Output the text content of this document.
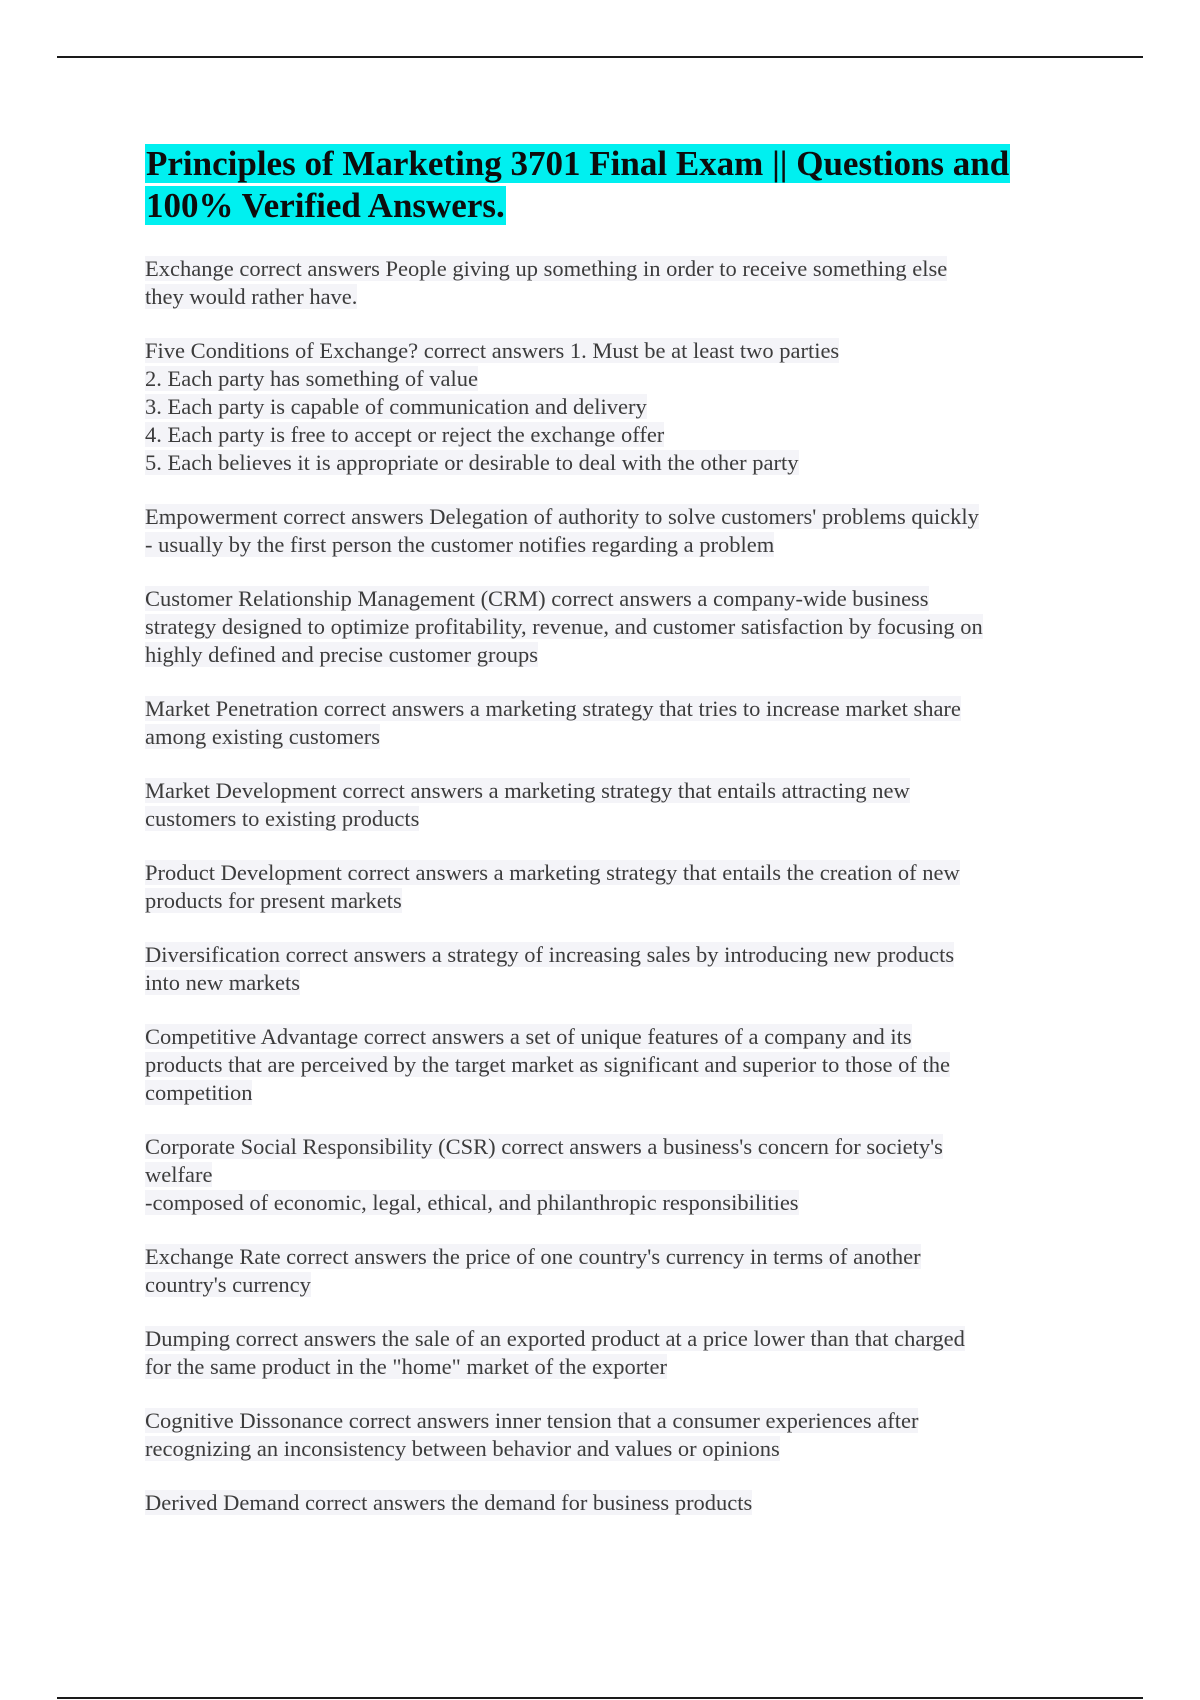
Principles of Marketing 3701 Final Exam || Questions and
100% Verified Answers.

Exchange correct answers People giving up something in order to receive something else
they would rather have.

Five Conditions of Exchange? correct answers 1. Must be at least two parties
2. Each party has something of value
3. Each party is capable of communication and delivery
4. Each party is free to accept or reject the exchange offer
5. Each believes it is appropriate or desirable to deal with the other party

Empowerment correct answers Delegation of authority to solve customers' problems quickly
- usually by the first person the customer notifies regarding a problem

Customer Relationship Management (CRM) correct answers a company-wide business
strategy designed to optimize profitability, revenue, and customer satisfaction by focusing on
highly defined and precise customer groups

Market Penetration correct answers a marketing strategy that tries to increase market share
among existing customers

Market Development correct answers a marketing strategy that entails attracting new
customers to existing products

Product Development correct answers a marketing strategy that entails the creation of new
products for present markets

Diversification correct answers a strategy of increasing sales by introducing new products
into new markets

Competitive Advantage correct answers a set of unique features of a company and its
products that are perceived by the target market as significant and superior to those of the
competition

Corporate Social Responsibility (CSR) correct answers a business's concern for society's
welfare
-composed of economic, legal, ethical, and philanthropic responsibilities

Exchange Rate correct answers the price of one country's currency in terms of another
country's currency

Dumping correct answers the sale of an exported product at a price lower than that charged
for the same product in the "home" market of the exporter

Cognitive Dissonance correct answers inner tension that a consumer experiences after
recognizing an inconsistency between behavior and values or opinions

Derived Demand correct answers the demand for business products
